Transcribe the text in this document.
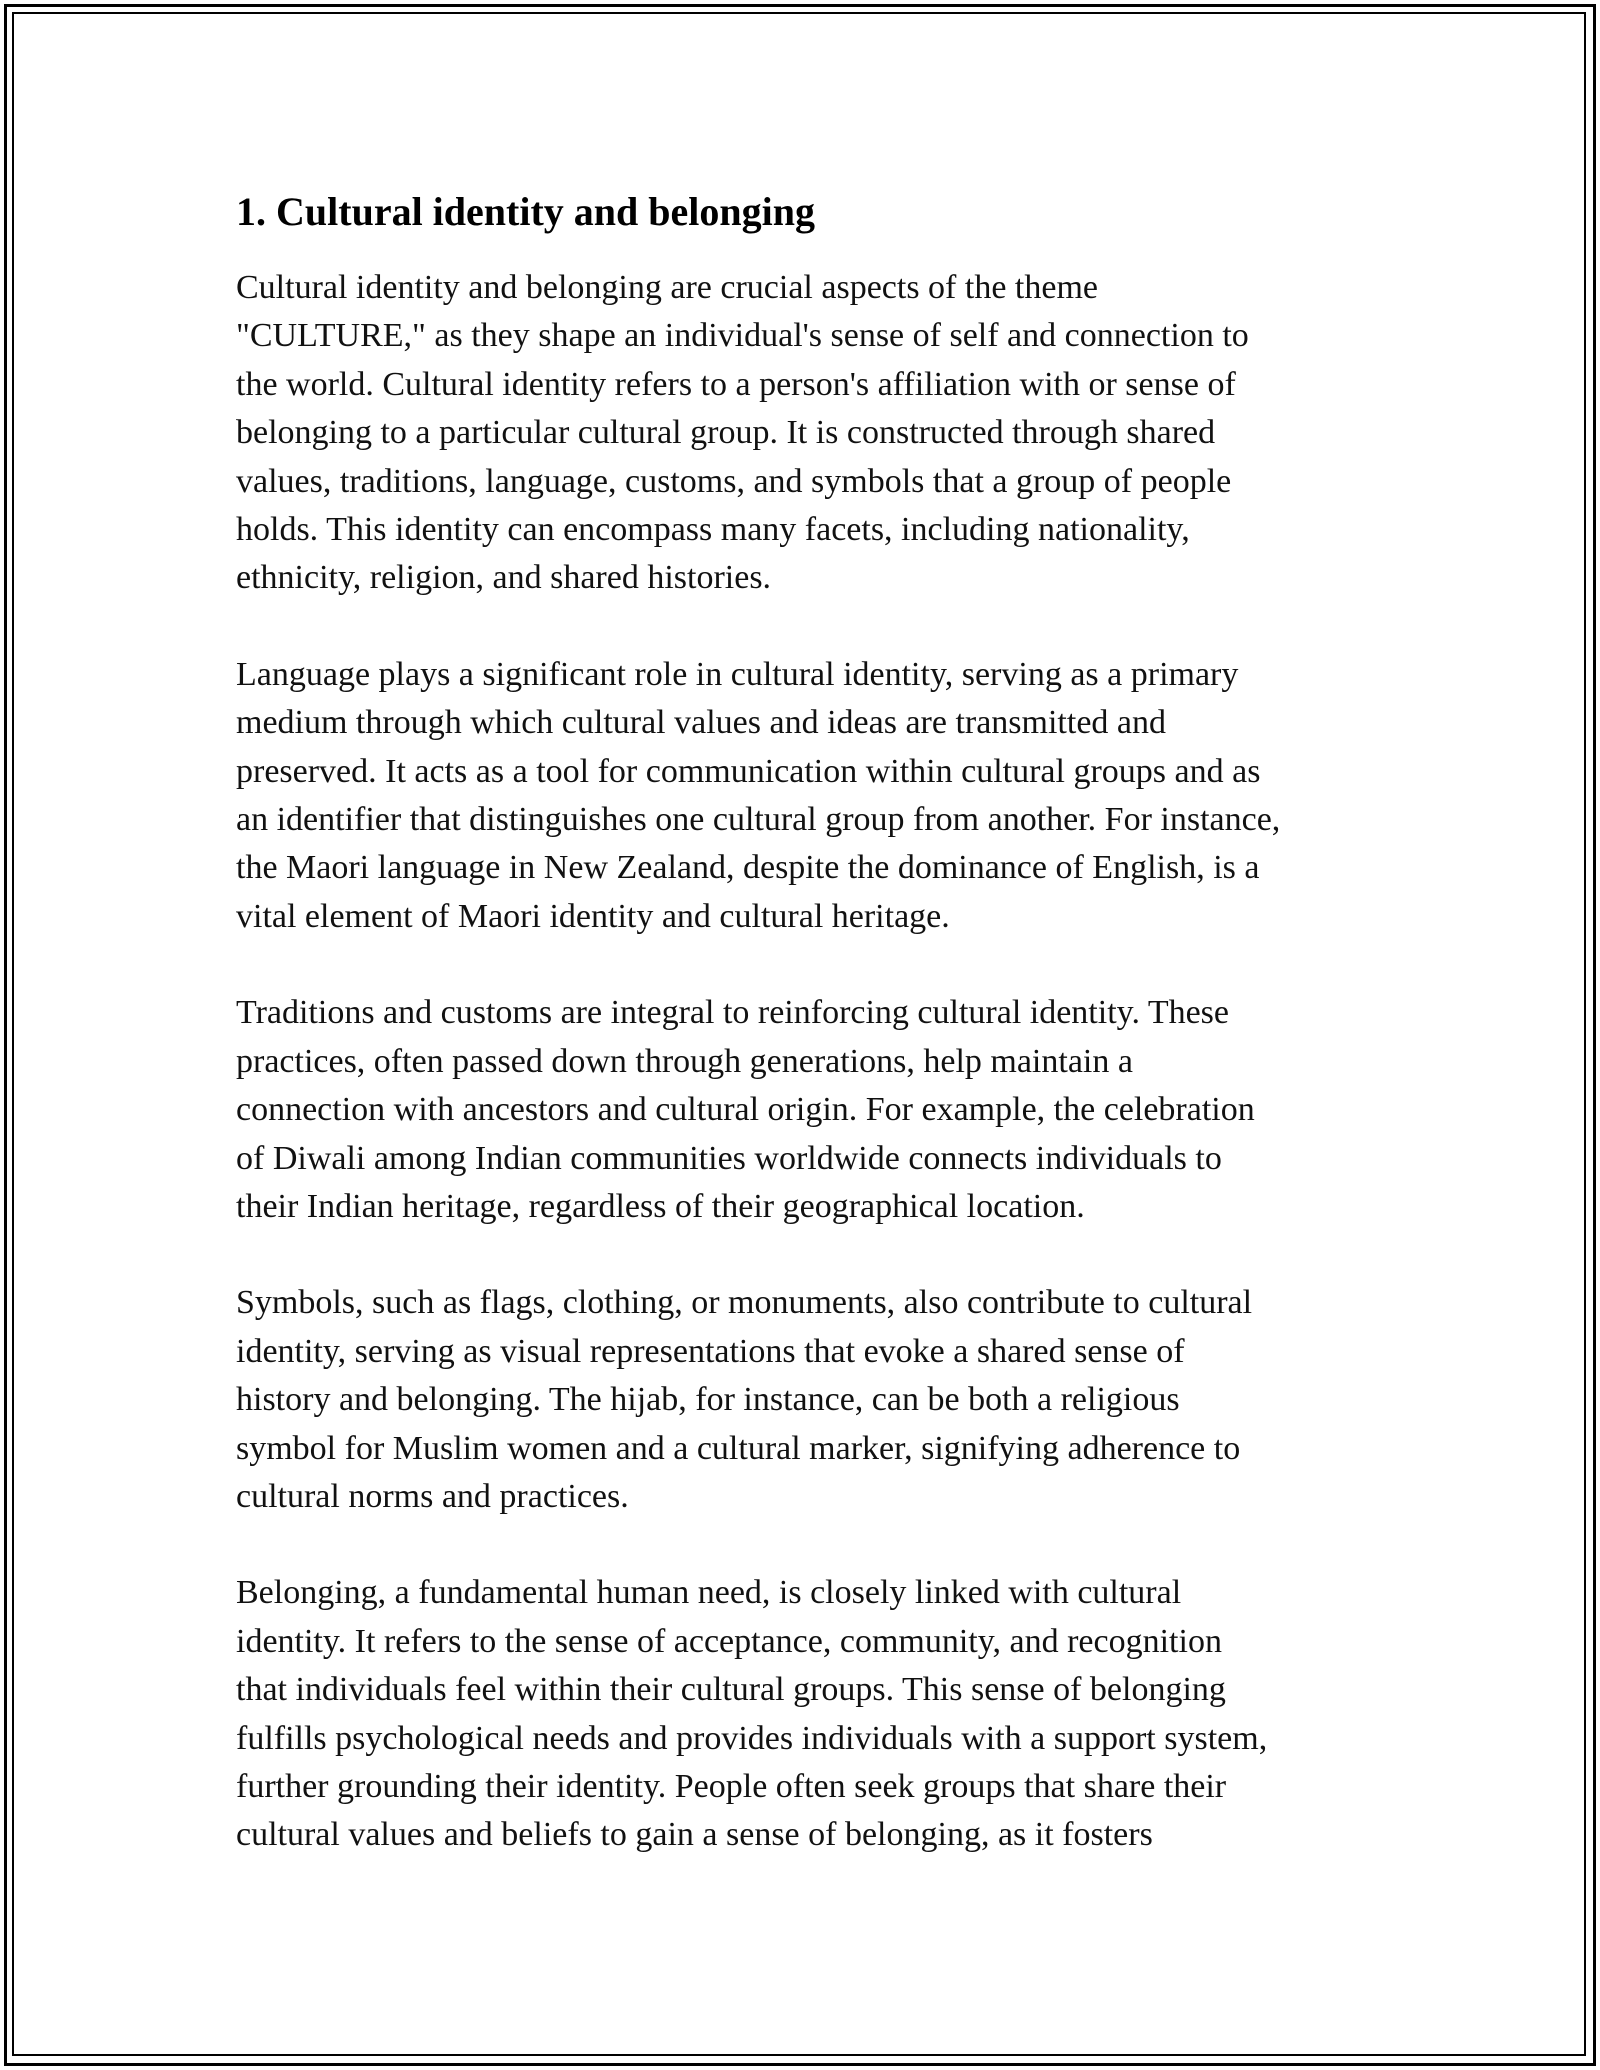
1. Cultural identity and belonging

Cultural identity and belonging are crucial aspects of the theme
"CULTURE," as they shape an individual's sense of self and connection to
the world. Cultural identity refers to a person's affiliation with or sense of
belonging to a particular cultural group. It is constructed through shared
values, traditions, language, customs, and symbols that a group of people
holds. This identity can encompass many facets, including nationality,
ethnicity, religion, and shared histories.

Language plays a significant role in cultural identity, serving as a primary
medium through which cultural values and ideas are transmitted and
preserved. It acts as a tool for communication within cultural groups and as
an identifier that distinguishes one cultural group from another. For instance,
the Maori language in New Zealand, despite the dominance of English, is a
vital element of Maori identity and cultural heritage.

Traditions and customs are integral to reinforcing cultural identity. These
practices, often passed down through generations, help maintain a
connection with ancestors and cultural origin. For example, the celebration
of Diwali among Indian communities worldwide connects individuals to
their Indian heritage, regardless of their geographical location.

Symbols, such as flags, clothing, or monuments, also contribute to cultural
identity, serving as visual representations that evoke a shared sense of
history and belonging. The hijab, for instance, can be both a religious
symbol for Muslim women and a cultural marker, signifying adherence to
cultural norms and practices.

Belonging, a fundamental human need, is closely linked with cultural
identity. It refers to the sense of acceptance, community, and recognition
that individuals feel within their cultural groups. This sense of belonging
fulfills psychological needs and provides individuals with a support system,
further grounding their identity. People often seek groups that share their
cultural values and beliefs to gain a sense of belonging, as it fosters
